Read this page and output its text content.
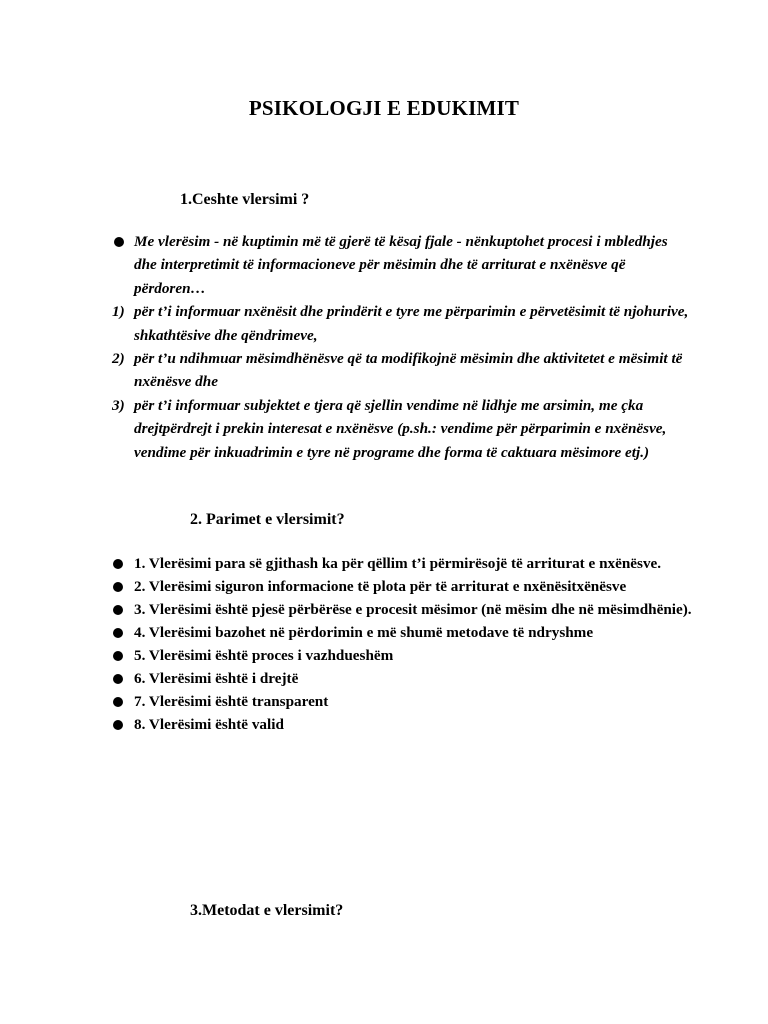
PSIKOLOGJI E EDUKIMIT
1.Ceshte vlersimi ?
Me vlerësim - në kuptimin më të gjerë të kësaj fjale - nënkuptohet procesi i mbledhjes dhe interpretimit të informacioneve për mësimin dhe të arriturat e nxënësve që përdoren…
1) për t’i informuar nxënësit dhe prindërit e tyre me përparimin e përvetësimit të njohurive, shkathtësive dhe qëndrimeve,
2) për t’u ndihmuar mësimdhënësve që ta modifikojnë mësimin dhe aktivitetet e mësimit të nxënësve dhe
3) për t’i informuar subjektet e tjera që sjellin vendime në lidhje me arsimin, me çka drejtpërdrejt i prekin interesat e nxënësve (p.sh.: vendime për përparimin e nxënësve, vendime për inkuadrimin e tyre në programe dhe forma të caktuara mësimore etj.)
2. Parimet e vlersimit?
1. Vlerësimi para së gjithash ka për qëllim t’i përmirësojë të arriturat e nxënësve.
2. Vlerësimi siguron informacione të plota për të arriturat e nxënësitxënësve
3. Vlerësimi është pjesë përbërëse e procesit mësimor (në mësim dhe në mësimdhënie).
4. Vlerësimi bazohet në përdorimin e më shumë metodave të ndryshme
5. Vlerësimi është proces i vazhdueshëm
6. Vlerësimi është i drejtë
7. Vlerësimi është transparent
8. Vlerësimi është valid
3.Metodat e vlersimit?
